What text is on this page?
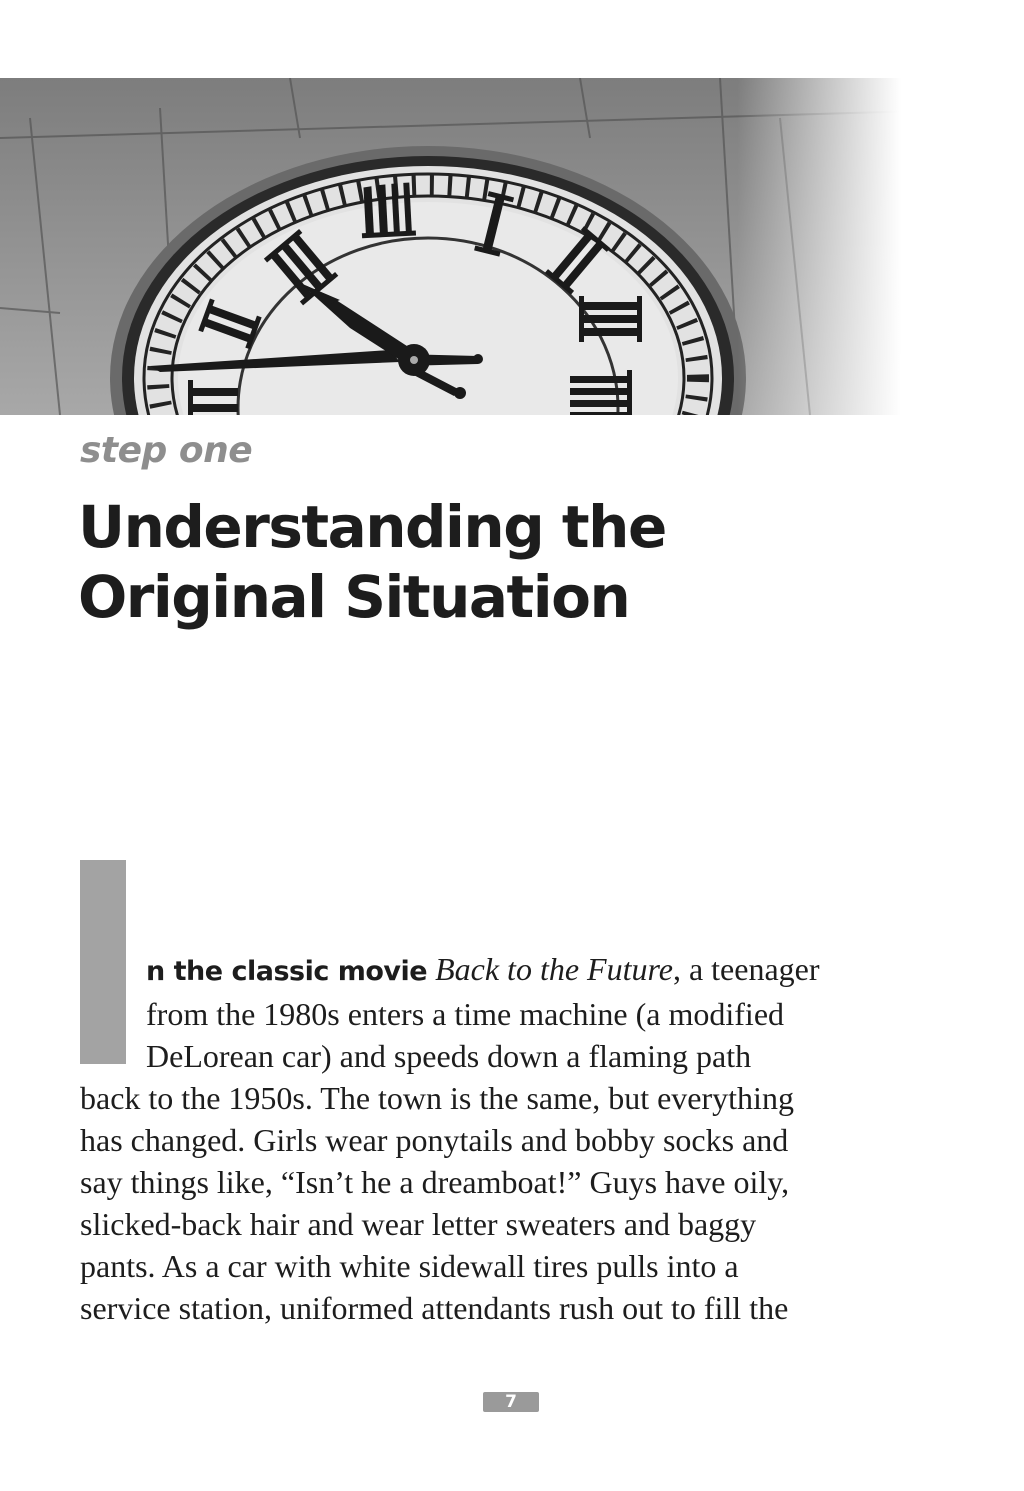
step one
Understanding the
Original Situation
n the classic movie Back to the Future, a teenager
from the 1980s enters a time machine (a modified
DeLorean car) and speeds down a flaming path
back to the 1950s. The town is the same, but everything
has changed. Girls wear ponytails and bobby socks and
say things like, “Isn’t he a dreamboat!” Guys have oily,
slicked-back hair and wear letter sweaters and baggy
pants. As a car with white sidewall tires pulls into a
service station, uniformed attendants rush out to fill the
7
